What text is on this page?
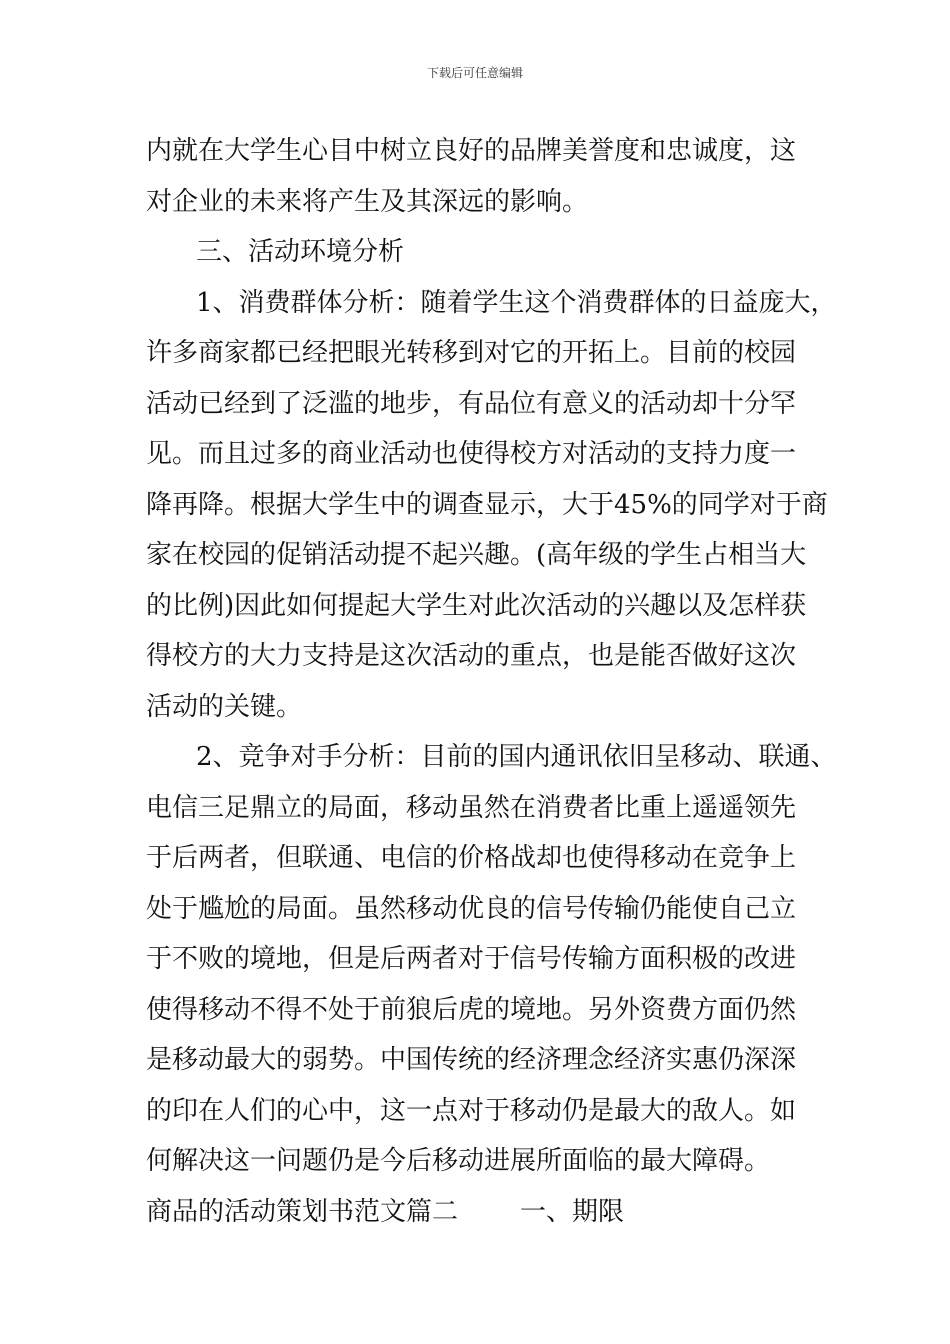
下载后可任意编辑
内就在大学生心目中树立良好的品牌美誉度和忠诚度，这
对企业的未来将产生及其深远的影响。
三、活动环境分析
1、消费群体分析：随着学生这个消费群体的日益庞大，
许多商家都已经把眼光转移到对它的开拓上。目前的校园
活动已经到了泛滥的地步，有品位有意义的活动却十分罕
见。而且过多的商业活动也使得校方对活动的支持力度一
降再降。根据大学生中的调查显示，大于45%的同学对于商
家在校园的促销活动提不起兴趣。(高年级的学生占相当大
的比例)因此如何提起大学生对此次活动的兴趣以及怎样获
得校方的大力支持是这次活动的重点，也是能否做好这次
活动的关键。
2、竞争对手分析：目前的国内通讯依旧呈移动、联通、
电信三足鼎立的局面，移动虽然在消费者比重上遥遥领先
于后两者，但联通、电信的价格战却也使得移动在竞争上
处于尴尬的局面。虽然移动优良的信号传输仍能使自己立
于不败的境地，但是后两者对于信号传输方面积极的改进
使得移动不得不处于前狼后虎的境地。另外资费方面仍然
是移动最大的弱势。中国传统的经济理念经济实惠仍深深
的印在人们的心中，这一点对于移动仍是最大的敌人。如
何解决这一问题仍是今后移动进展所面临的最大障碍。
商品的活动策划书范文篇二 一、期限
